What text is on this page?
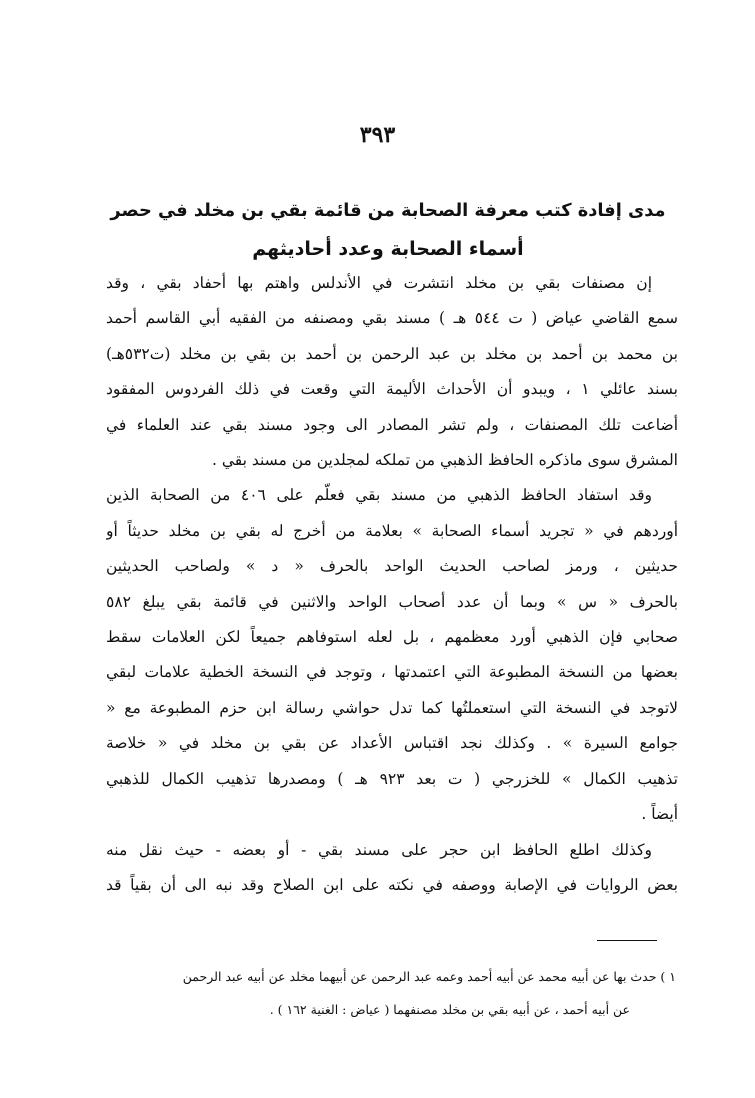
٣٩٣
مدى إفادة كتب معرفة الصحابة من قائمة بقي بن مخلد في حصر
أسماء الصحابة وعدد أحاديثهم
إن مصنفات بقي بن مخلد انتشرت في الأندلس واهتم بها أحفاد بقي ، وقد
سمع القاضي عياض ( ت ٥٤٤ هـ ) مسند بقي ومصنفه من الفقيه أبي القاسم أحمد
بن محمد بن أحمد بن مخلد بن عبد الرحمن بن أحمد بن بقي بن مخلد (ت٥٣٢هـ)
بسند عائلي ١ ، ويبدو أن الأحداث الأليمة التي وقعت في ذلك الفردوس المفقود
أضاعت تلك المصنفات ، ولم تشر المصادر الى وجود مسند بقي عند العلماء في
المشرق سوى ماذكره الحافظ الذهبي من تملكه لمجلدين من مسند بقي .
وقد استفاد الحافظ الذهبي من مسند بقي فعلّم على ٤٠٦ من الصحابة الذين
أوردهم في « تجريد أسماء الصحابة » بعلامة من أخرج له بقي بن مخلد حديثاً أو
حديثين ، ورمز لصاحب الحديث الواحد بالحرف « د » ولصاحب الحديثين
بالحرف « س » وبما أن عدد أصحاب الواحد والاثنين في قائمة بقي يبلغ ٥٨٢
صحابي فإن الذهبي أورد معظمهم ، بل لعله استوفاهم جميعاً لكن العلامات سقط
بعضها من النسخة المطبوعة التي اعتمدتها ، وتوجد في النسخة الخطية علامات لبقي
لاتوجد في النسخة التي استعملتُها كما تدل حواشي رسالة ابن حزم المطبوعة مع «
جوامع السيرة » . وكذلك نجد اقتباس الأعداد عن بقي بن مخلد في « خلاصة
تذهيب الكمال » للخزرجي ( ت بعد ٩٢٣ هـ ) ومصدرها تذهيب الكمال للذهبي
أيضاً .
وكذلك اطلع الحافظ ابن حجر على مسند بقي - أو بعضه - حيث نقل منه
بعض الروايات في الإصابة ووصفه في نكته على ابن الصلاح وقد نبه الى أن بقياً قد
١ ) حدث بها عن أبيه محمد عن أبيه أحمد وعمه عبد الرحمن عن أبيهما مخلد عن أبيه عبد الرحمن
عن أبيه أحمد ، عن أبيه بقي بن مخلد مصنفهما ( عياض : الغنية ١٦٢ ) .
